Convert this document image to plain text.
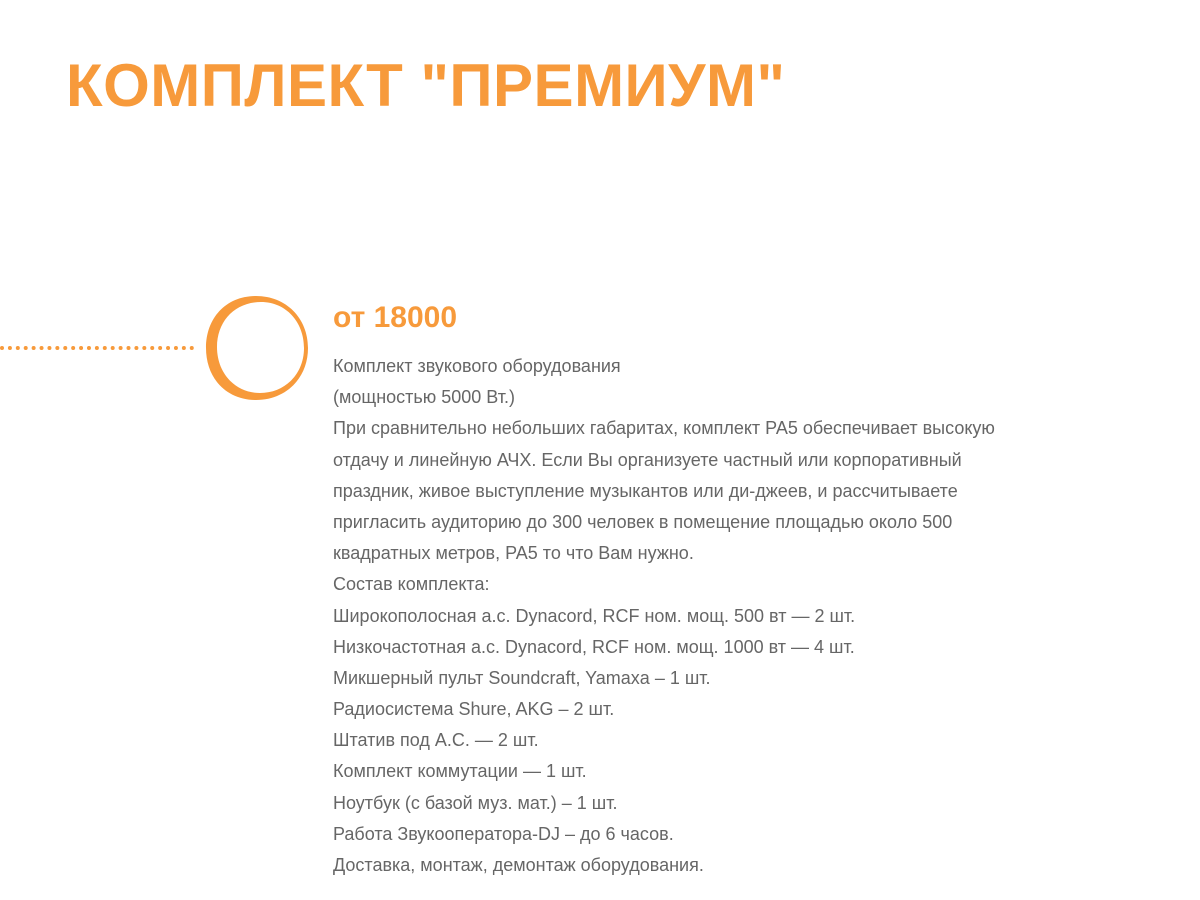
КОМПЛЕКТ "ПРЕМИУМ"
от 18000
Комплект звукового оборудования
(мощностью 5000 Вт.)
При сравнительно небольших габаритах, комплект PA5 обеспечивает высокую
отдачу и линейную АЧХ. Если Вы организуете частный или корпоративный
праздник, живое выступление музыкантов или ди-джеев, и рассчитываете
пригласить аудиторию до 300 человек в помещение площадью около 500
квадратных метров, PA5 то что Вам нужно.
Состав комплекта:
Широкополосная а.с. Dynacord, RCF ном. мощ. 500 вт — 2 шт.
Низкочастотная а.с. Dynacord, RCF ном. мощ. 1000 вт — 4 шт.
Микшерный пульт Soundcraft, Yamaxa – 1 шт.
Радиосистема Shure, AKG – 2 шт.
Штатив под А.С. — 2 шт.
Комплект коммутации — 1 шт.
Ноутбук (с базой муз. мат.) – 1 шт.
Работа Звукооператора-DJ – до 6 часов.
Доставка, монтаж, демонтаж оборудования.
